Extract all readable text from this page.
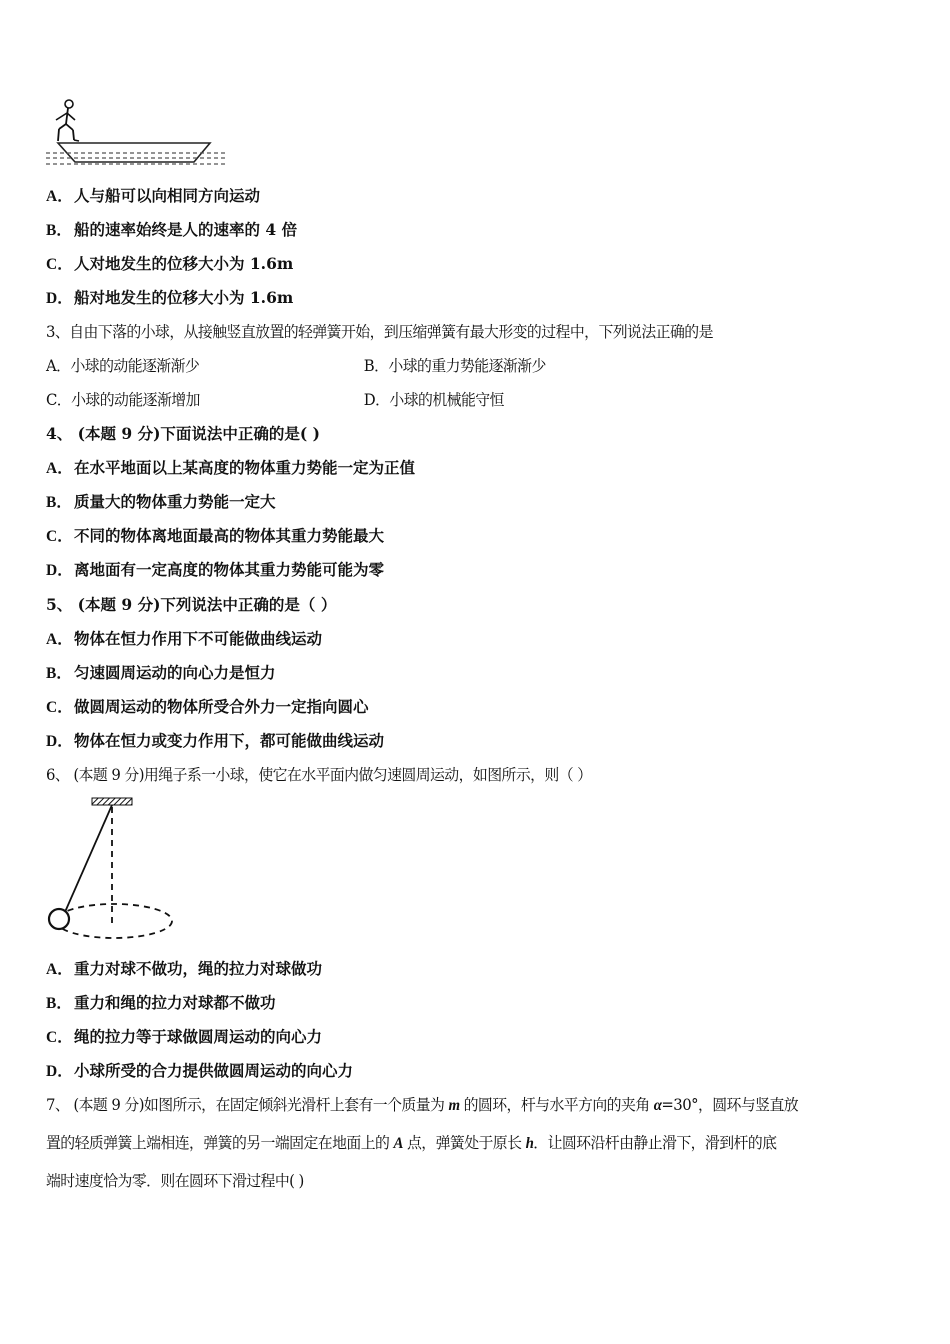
A．人与船可以向相同方向运动
B． 船的速率始终是人的速率的 4 倍
C．人对地发生的位移大小为 1.6m
D．船对地发生的位移大小为 1.6m
3、自由下落的小球，从接触竖直放置的轻弹簧开始，到压缩弹簧有最大形变的过程中，下列说法正确的是
A．小球的动能逐渐渐少	B．小球的重力势能逐渐渐少
C．小球的动能逐渐增加	D．小球的机械能守恒
4、 (本题 9 分)下面说法中正确的是( )
A．在水平地面以上某高度的物体重力势能一定为正值
B． 质量大的物体重力势能一定大
C．不同的物体离地面最高的物体其重力势能最大
D．离地面有一定高度的物体其重力势能可能为零
5、 (本题 9 分)下列说法中正确的是（ ）
A．物体在恒力作用下不可能做曲线运动
B． 匀速圆周运动的向心力是恒力
C．做圆周运动的物体所受合外力一定指向圆心
D．物体在恒力或变力作用下，都可能做曲线运动
6、 (本题 9 分)用绳子系一小球，使它在水平面内做匀速圆周运动，如图所示，则（ ）
A．重力对球不做功，绳的拉力对球做功
B． 重力和绳的拉力对球都不做功
C．绳的拉力等于球做圆周运动的向心力
D．小球所受的合力提供做圆周运动的向心力
7、 (本题 9 分)如图所示，在固定倾斜光滑杆上套有一个质量为 m 的圆环，杆与水平方向的夹角 α=30°，圆环与竖直放
置的轻质弹簧上端相连，弹簧的另一端固定在地面上的 A 点，弹簧处于原长 h．让圆环沿杆由静止滑下，滑到杆的底
端时速度恰为零．则在圆环下滑过程中( )
